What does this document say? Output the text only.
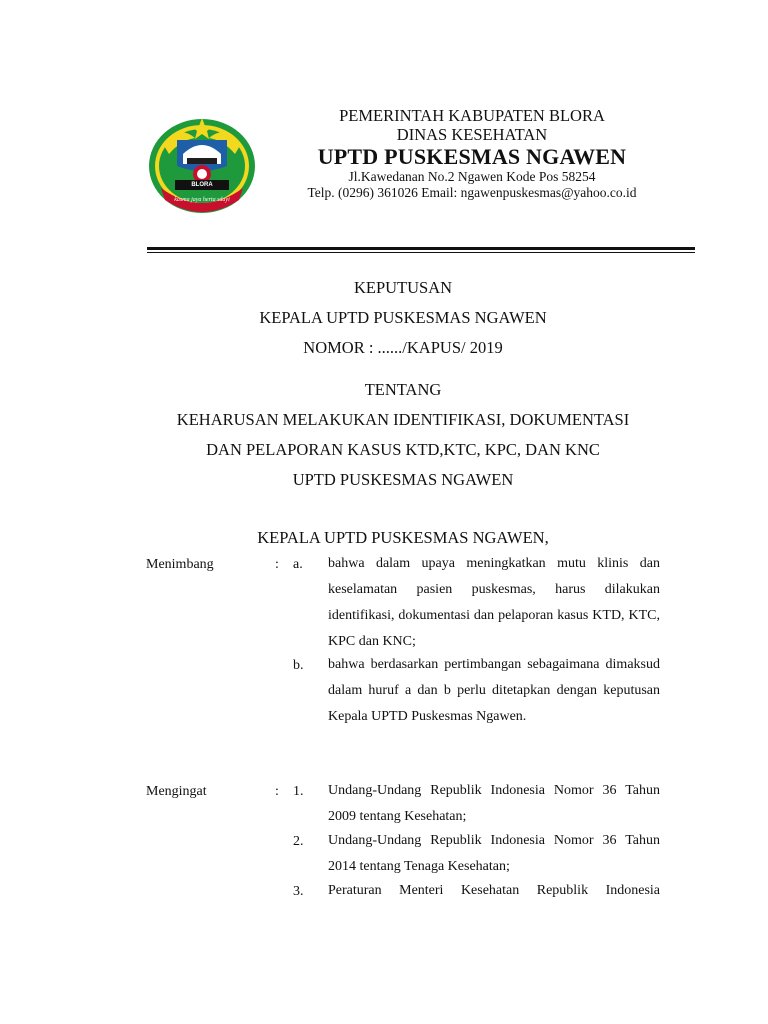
BLORA
kasma jaya herta sdayi
PEMERINTAH KABUPATEN BLORA
DINAS KESEHATAN
UPTD PUSKESMAS NGAWEN
Jl.Kawedanan No.2 Ngawen Kode Pos 58254
Telp. (0296) 361026 Email: ngawenpuskesmas@yahoo.co.id
KEPUTUSAN
KEPALA UPTD PUSKESMAS NGAWEN
NOMOR : ....../KAPUS/ 2019
TENTANG
KEHARUSAN MELAKUKAN IDENTIFIKASI, DOKUMENTASI
DAN PELAPORAN KASUS KTD,KTC, KPC, DAN KNC
UPTD PUSKESMAS NGAWEN
KEPALA UPTD PUSKESMAS NGAWEN,
Menimbang	: a. bahwa dalam upaya meningkatkan mutu klinis dan keselamatan pasien puskesmas, harus dilakukan identifikasi, dokumentasi dan pelaporan kasus KTD, KTC, KPC dan KNC;
b. bahwa berdasarkan pertimbangan sebagaimana dimaksud dalam huruf a dan b perlu ditetapkan dengan keputusan Kepala UPTD Puskesmas Ngawen.
Mengingat	: 1. Undang-Undang Republik Indonesia Nomor 36 Tahun 2009 tentang Kesehatan;
2. Undang-Undang Republik Indonesia Nomor 36 Tahun 2014 tentang Tenaga Kesehatan;
3. Peraturan Menteri Kesehatan Republik Indonesia
